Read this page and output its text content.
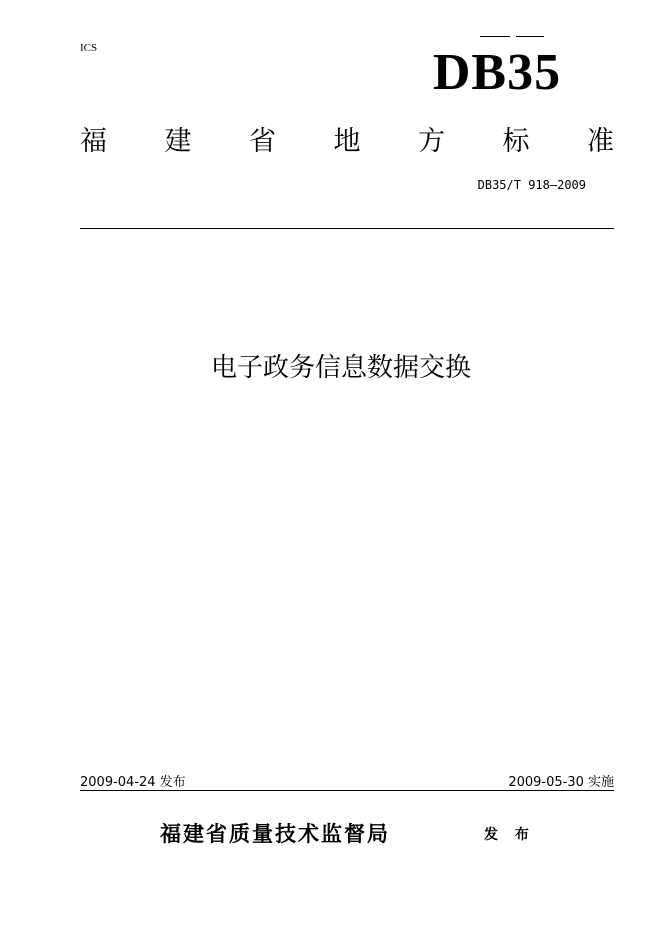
ICS	DB35
福 建 省 地 方 标 准
DB35/T 918—2009
电子政务信息数据交换
2009-04-24 发布	2009-05-30 实施
福建省质量技术监督局	发 布
